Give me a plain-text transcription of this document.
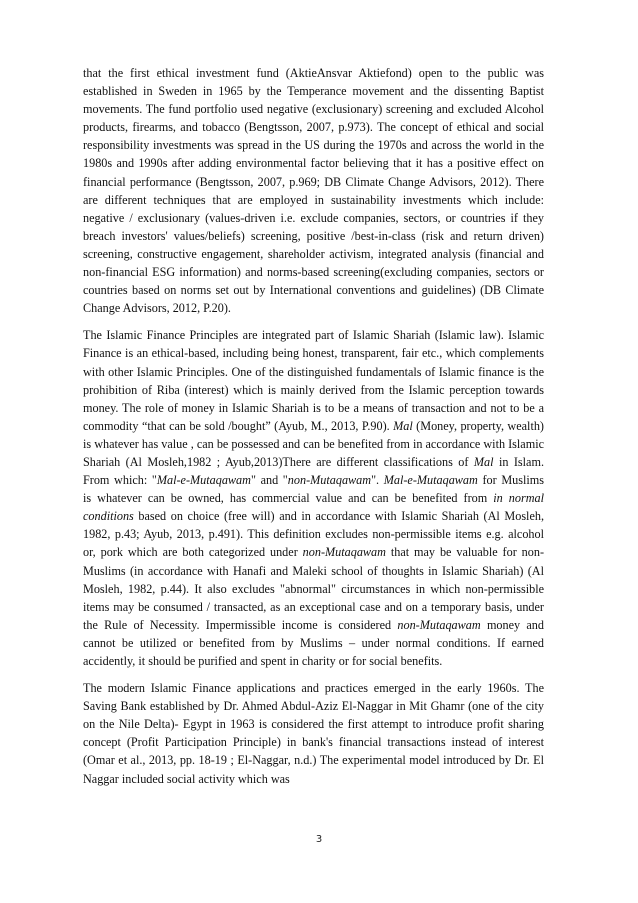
that the first ethical investment fund (AktieAnsvar Aktiefond) open to the public was established in Sweden in 1965 by the Temperance movement and the dissenting Baptist movements. The fund portfolio used negative (exclusionary) screening and excluded Alcohol products, firearms, and tobacco (Bengtsson, 2007, p.973). The concept of ethical and social responsibility investments was spread in the US during the 1970s and across the world in the 1980s and 1990s after adding environmental factor believing that it has a positive effect on financial performance (Bengtsson, 2007, p.969; DB Climate Change Advisors, 2012). There are different techniques that are employed in sustainability investments which include: negative / exclusionary (values-driven i.e. exclude companies, sectors, or countries if they breach investors' values/beliefs) screening, positive /best-in-class (risk and return driven) screening, constructive engagement, shareholder activism, integrated analysis (financial and non-financial ESG information) and norms-based screening(excluding companies, sectors or countries based on norms set out by International conventions and guidelines) (DB Climate Change Advisors, 2012, P.20).

The Islamic Finance Principles are integrated part of Islamic Shariah (Islamic law). Islamic Finance is an ethical-based, including being honest, transparent, fair etc., which complements with other Islamic Principles. One of the distinguished fundamentals of Islamic finance is the prohibition of Riba (interest) which is mainly derived from the Islamic perception towards money. The role of money in Islamic Shariah is to be a means of transaction and not to be a commodity “that can be sold /bought” (Ayub, M., 2013, P.90). Mal (Money, property, wealth) is whatever has value , can be possessed and can be benefited from in accordance with Islamic Shariah (Al Mosleh,1982 ; Ayub,2013)There are different classifications of Mal in Islam. From which: "Mal-e-Mutaqawam" and "non-Mutaqawam". Mal-e-Mutaqawam for Muslims is whatever can be owned, has commercial value and can be benefited from in normal conditions based on choice (free will) and in accordance with Islamic Shariah (Al Mosleh, 1982, p.43; Ayub, 2013, p.491). This definition excludes non-permissible items e.g. alcohol or, pork which are both categorized under non-Mutaqawam that may be valuable for non-Muslims (in accordance with Hanafi and Maleki school of thoughts in Islamic Shariah) (Al Mosleh, 1982, p.44). It also excludes "abnormal" circumstances in which non-permissible items may be consumed / transacted, as an exceptional case and on a temporary basis, under the Rule of Necessity. Impermissible income is considered non-Mutaqawam money and cannot be utilized or benefited from by Muslims – under normal conditions. If earned accidently, it should be purified and spent in charity or for social benefits.

The modern Islamic Finance applications and practices emerged in the early 1960s. The Saving Bank established by Dr. Ahmed Abdul-Aziz El-Naggar in Mit Ghamr (one of the city on the Nile Delta)- Egypt in 1963 is considered the first attempt to introduce profit sharing concept (Profit Participation Principle) in bank's financial transactions instead of interest (Omar et al., 2013, pp. 18-19 ; El-Naggar, n.d.) The experimental model introduced by Dr. El Naggar included social activity which was

3
